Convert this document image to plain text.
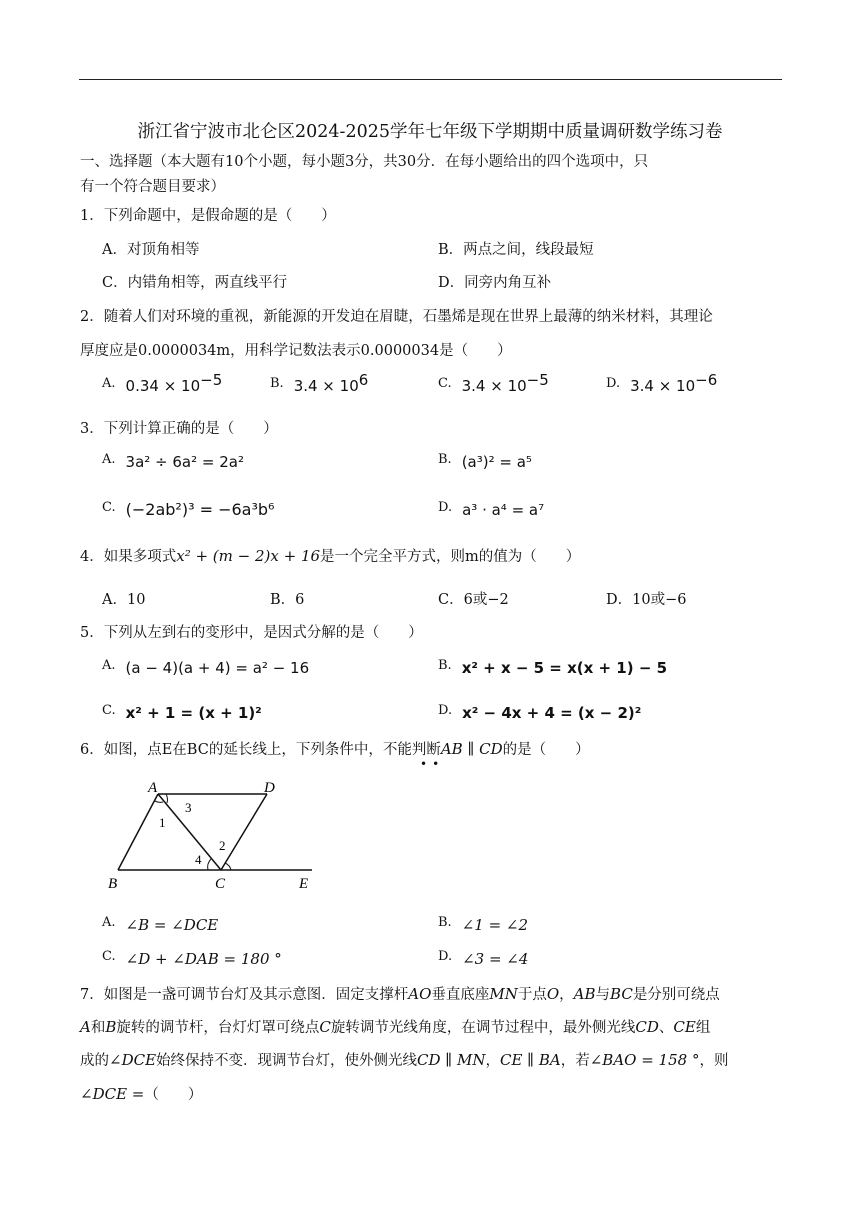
浙江省宁波市北仑区2024-2025学年七年级下学期期中质量调研数学练习卷
一、选择题（本大题有10个小题，每小题3分，共30分．在每小题给出的四个选项中，只
有一个符合题目要求）
1．下列命题中，是假命题的是（　　）
A．对顶角相等	B．两点之间，线段最短
C．内错角相等，两直线平行	D．同旁内角互补
2．随着人们对环境的重视，新能源的开发迫在眉睫，石墨烯是现在世界上最薄的纳米材料，其理论
厚度应是0.0000034m，用科学记数法表示0.0000034是（　　）
$^{A.}$ $0.34 \times 10^{-5}$	$^{B.}$ $3.4 \times 10^6$	$^{C.}$ $3.4 \times 10^{-5}$	$^{D.}$ $3.4 \times 10^{-6}$
3．下列计算正确的是（　　）
$^{A.}$ 3a² ÷ 6a² = 2a²	$^{B.}$ (a³)² = a⁵
$^{C.}$ (−2ab²)³ = −6a³b⁶	$^{D.}$ a³ · a⁴ = a⁷
4．如果多项式x² + (m − 2)x + 16是一个完全平方式，则m的值为（　　）
A．10	B．6	C．6或−2	D．10或−6
5．下列从左到右的变形中，是因式分解的是（　　）
$^{A.}$ (a − 4)(a + 4) = a² − 16	$^{B.}$ x² + x − 5 = x(x + 1) − 5
$^{C.}$ x² + 1 = (x + 1)²	$^{D.}$ x² − 4x + 4 = (x − 2)²
6．如图，点E在BC的延长线上，下列条件中，不能判断AB ∥ CD的是（　　）
••
A	D
B	C	E
1
2
3
4
$^{A.}$ ∠B = ∠DCE	$^{B.}$ ∠1 = ∠2
$^{C.}$ ∠D + ∠DAB = 180 °	$^{D.}$ ∠3 = ∠4
7．如图是一盏可调节台灯及其示意图．固定支撑杆AO垂直底座MN于点O，AB与BC是分别可绕点
A和B旋转的调节杆，台灯灯罩可绕点C旋转调节光线角度，在调节过程中，最外侧光线CD、CE组
成的∠DCE始终保持不变．现调节台灯，使外侧光线CD ∥ MN，CE ∥ BA，若∠BAO = 158 °，则
∠DCE =（　　）
